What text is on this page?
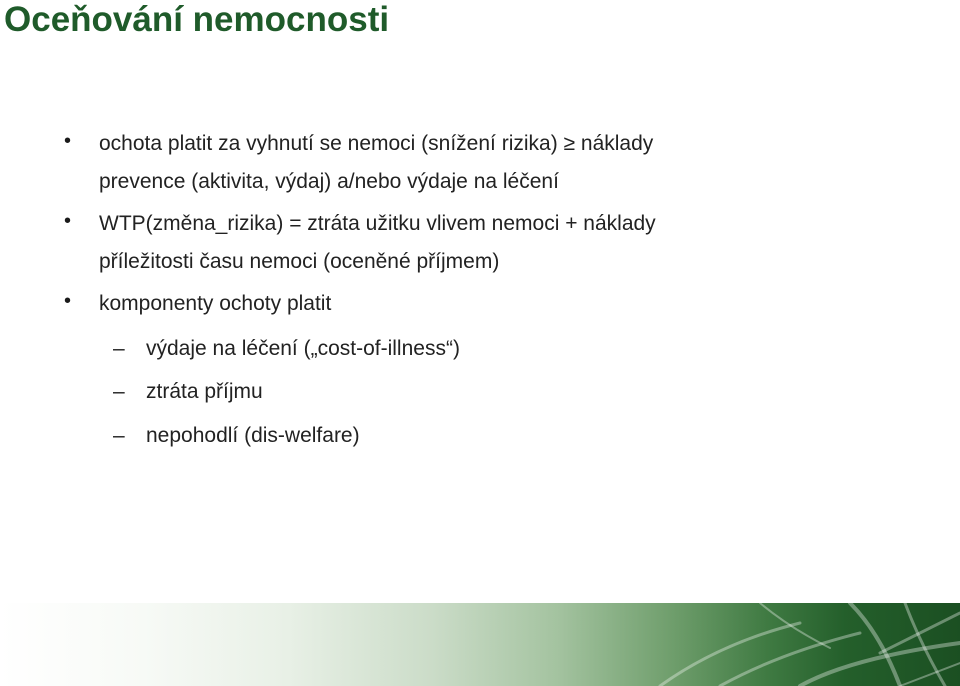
Oceňování nemocnosti
• ochota platit za vyhnutí se nemoci (snížení rizika) ≥ náklady

prevence (aktivita, výdaj) a/nebo výdaje na léčení

• WTP(změna_rizika) = ztráta užitku vlivem nemoci + náklady

příležitosti času nemoci (oceněné příjmem)

• komponenty ochoty platit

– výdaje na léčení („cost-of-illness“)

– ztráta příjmu

– nepohodlí (dis-welfare)
